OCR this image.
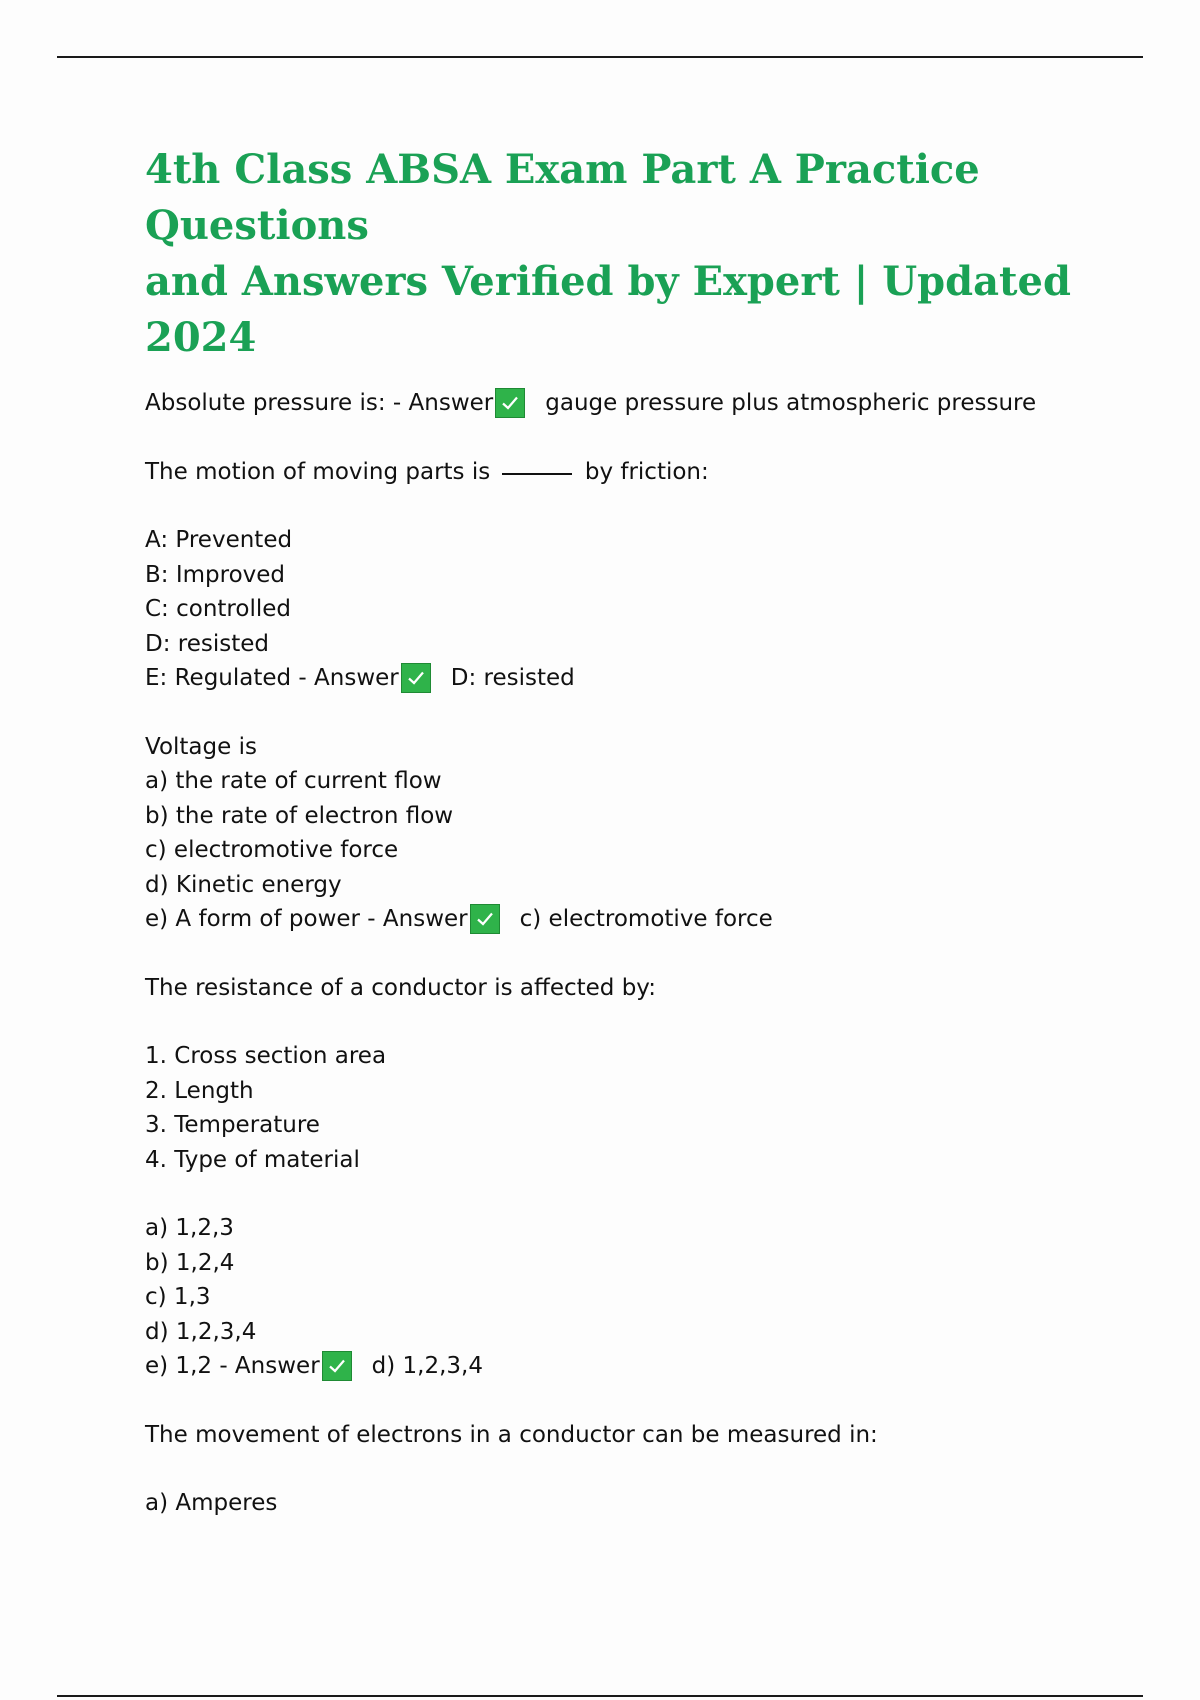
4th Class ABSA Exam Part A Practice Questions
and Answers Verified by Expert | Updated 2024
Absolute pressure is: - Answer gauge pressure plus atmospheric pressure
The motion of moving parts is	by friction:
A: Prevented
B: Improved
C: controlled
D: resisted
E: Regulated - Answer D: resisted
Voltage is
a) the rate of current flow
b) the rate of electron flow
c) electromotive force
d) Kinetic energy
e) A form of power - Answer c) electromotive force
The resistance of a conductor is affected by:
1. Cross section area
2. Length
3. Temperature
4. Type of material
a) 1,2,3
b) 1,2,4
c) 1,3
d) 1,2,3,4
e) 1,2 - Answer d) 1,2,3,4
The movement of electrons in a conductor can be measured in:
a) Amperes
